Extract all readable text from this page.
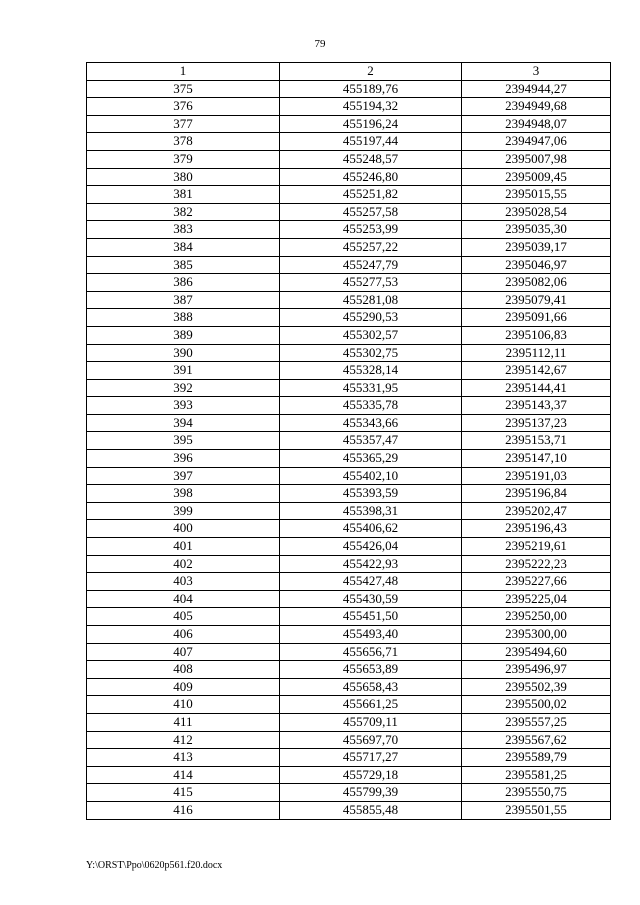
79
1	2	3
375	455189,76	2394944,27
376	455194,32	2394949,68
377	455196,24	2394948,07
378	455197,44	2394947,06
379	455248,57	2395007,98
380	455246,80	2395009,45
381	455251,82	2395015,55
382	455257,58	2395028,54
383	455253,99	2395035,30
384	455257,22	2395039,17
385	455247,79	2395046,97
386	455277,53	2395082,06
387	455281,08	2395079,41
388	455290,53	2395091,66
389	455302,57	2395106,83
390	455302,75	2395112,11
391	455328,14	2395142,67
392	455331,95	2395144,41
393	455335,78	2395143,37
394	455343,66	2395137,23
395	455357,47	2395153,71
396	455365,29	2395147,10
397	455402,10	2395191,03
398	455393,59	2395196,84
399	455398,31	2395202,47
400	455406,62	2395196,43
401	455426,04	2395219,61
402	455422,93	2395222,23
403	455427,48	2395227,66
404	455430,59	2395225,04
405	455451,50	2395250,00
406	455493,40	2395300,00
407	455656,71	2395494,60
408	455653,89	2395496,97
409	455658,43	2395502,39
410	455661,25	2395500,02
411	455709,11	2395557,25
412	455697,70	2395567,62
413	455717,27	2395589,79
414	455729,18	2395581,25
415	455799,39	2395550,75
416	455855,48	2395501,55
Y:\ORST\Ppo\0620p561.f20.docx
